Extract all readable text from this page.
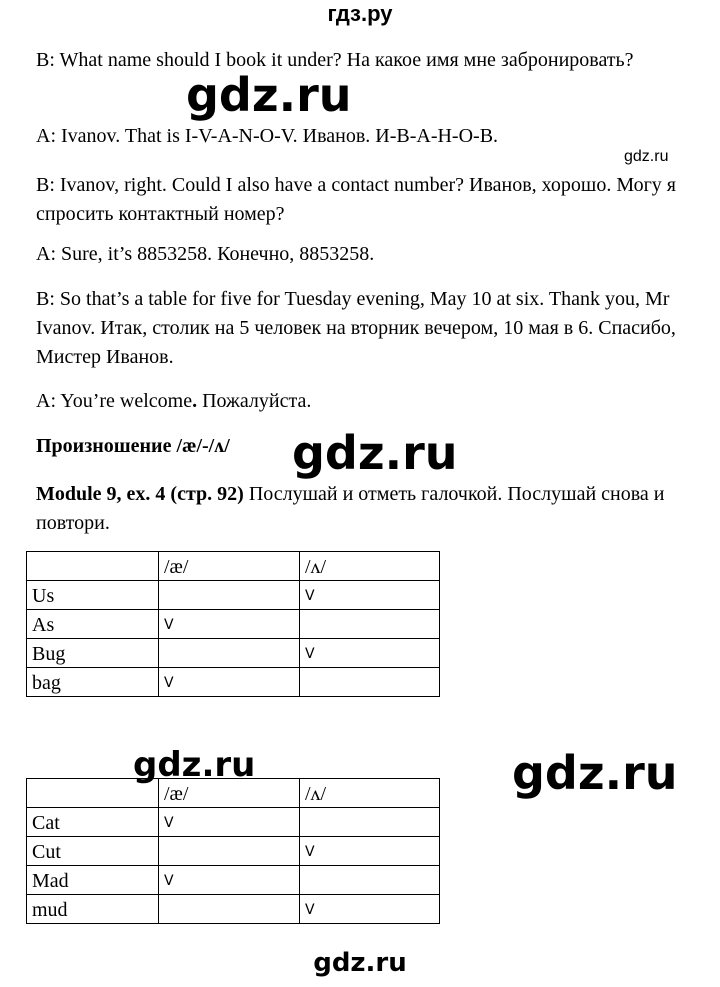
гдз.ру

B: What name should I book it under? На какое имя мне забронировать?

gdz.ru

A: Ivanov. That is I-V-A-N-O-V. Иванов. И-В-А-Н-О-В.

gdz.ru

B: Ivanov, right. Could I also have a contact number? Иванов, хорошо. Могу я спросить контактный номер?

A: Sure, it’s 8853258. Конечно, 8853258.

B: So that’s a table for five for Tuesday evening, May 10 at six. Thank you, Mr Ivanov. Итак, столик на 5 человек на вторник вечером, 10 мая в 6. Спасибо, Мистер Иванов.

A: You’re welcome. Пожалуйста.

Произношение /æ/-/ʌ/	gdz.ru

Module 9, ex. 4 (стр. 92) Послушай и отметь галочкой. Послушай снова и повтори.

	/æ/	/ʌ/
Us		V
As	V	
Bug		V
bag	V	
gdz.ru	gdz.ru
	/æ/	/ʌ/
Cat	V	
Cut		V
Mad	V	
mud		V
gdz.ru
